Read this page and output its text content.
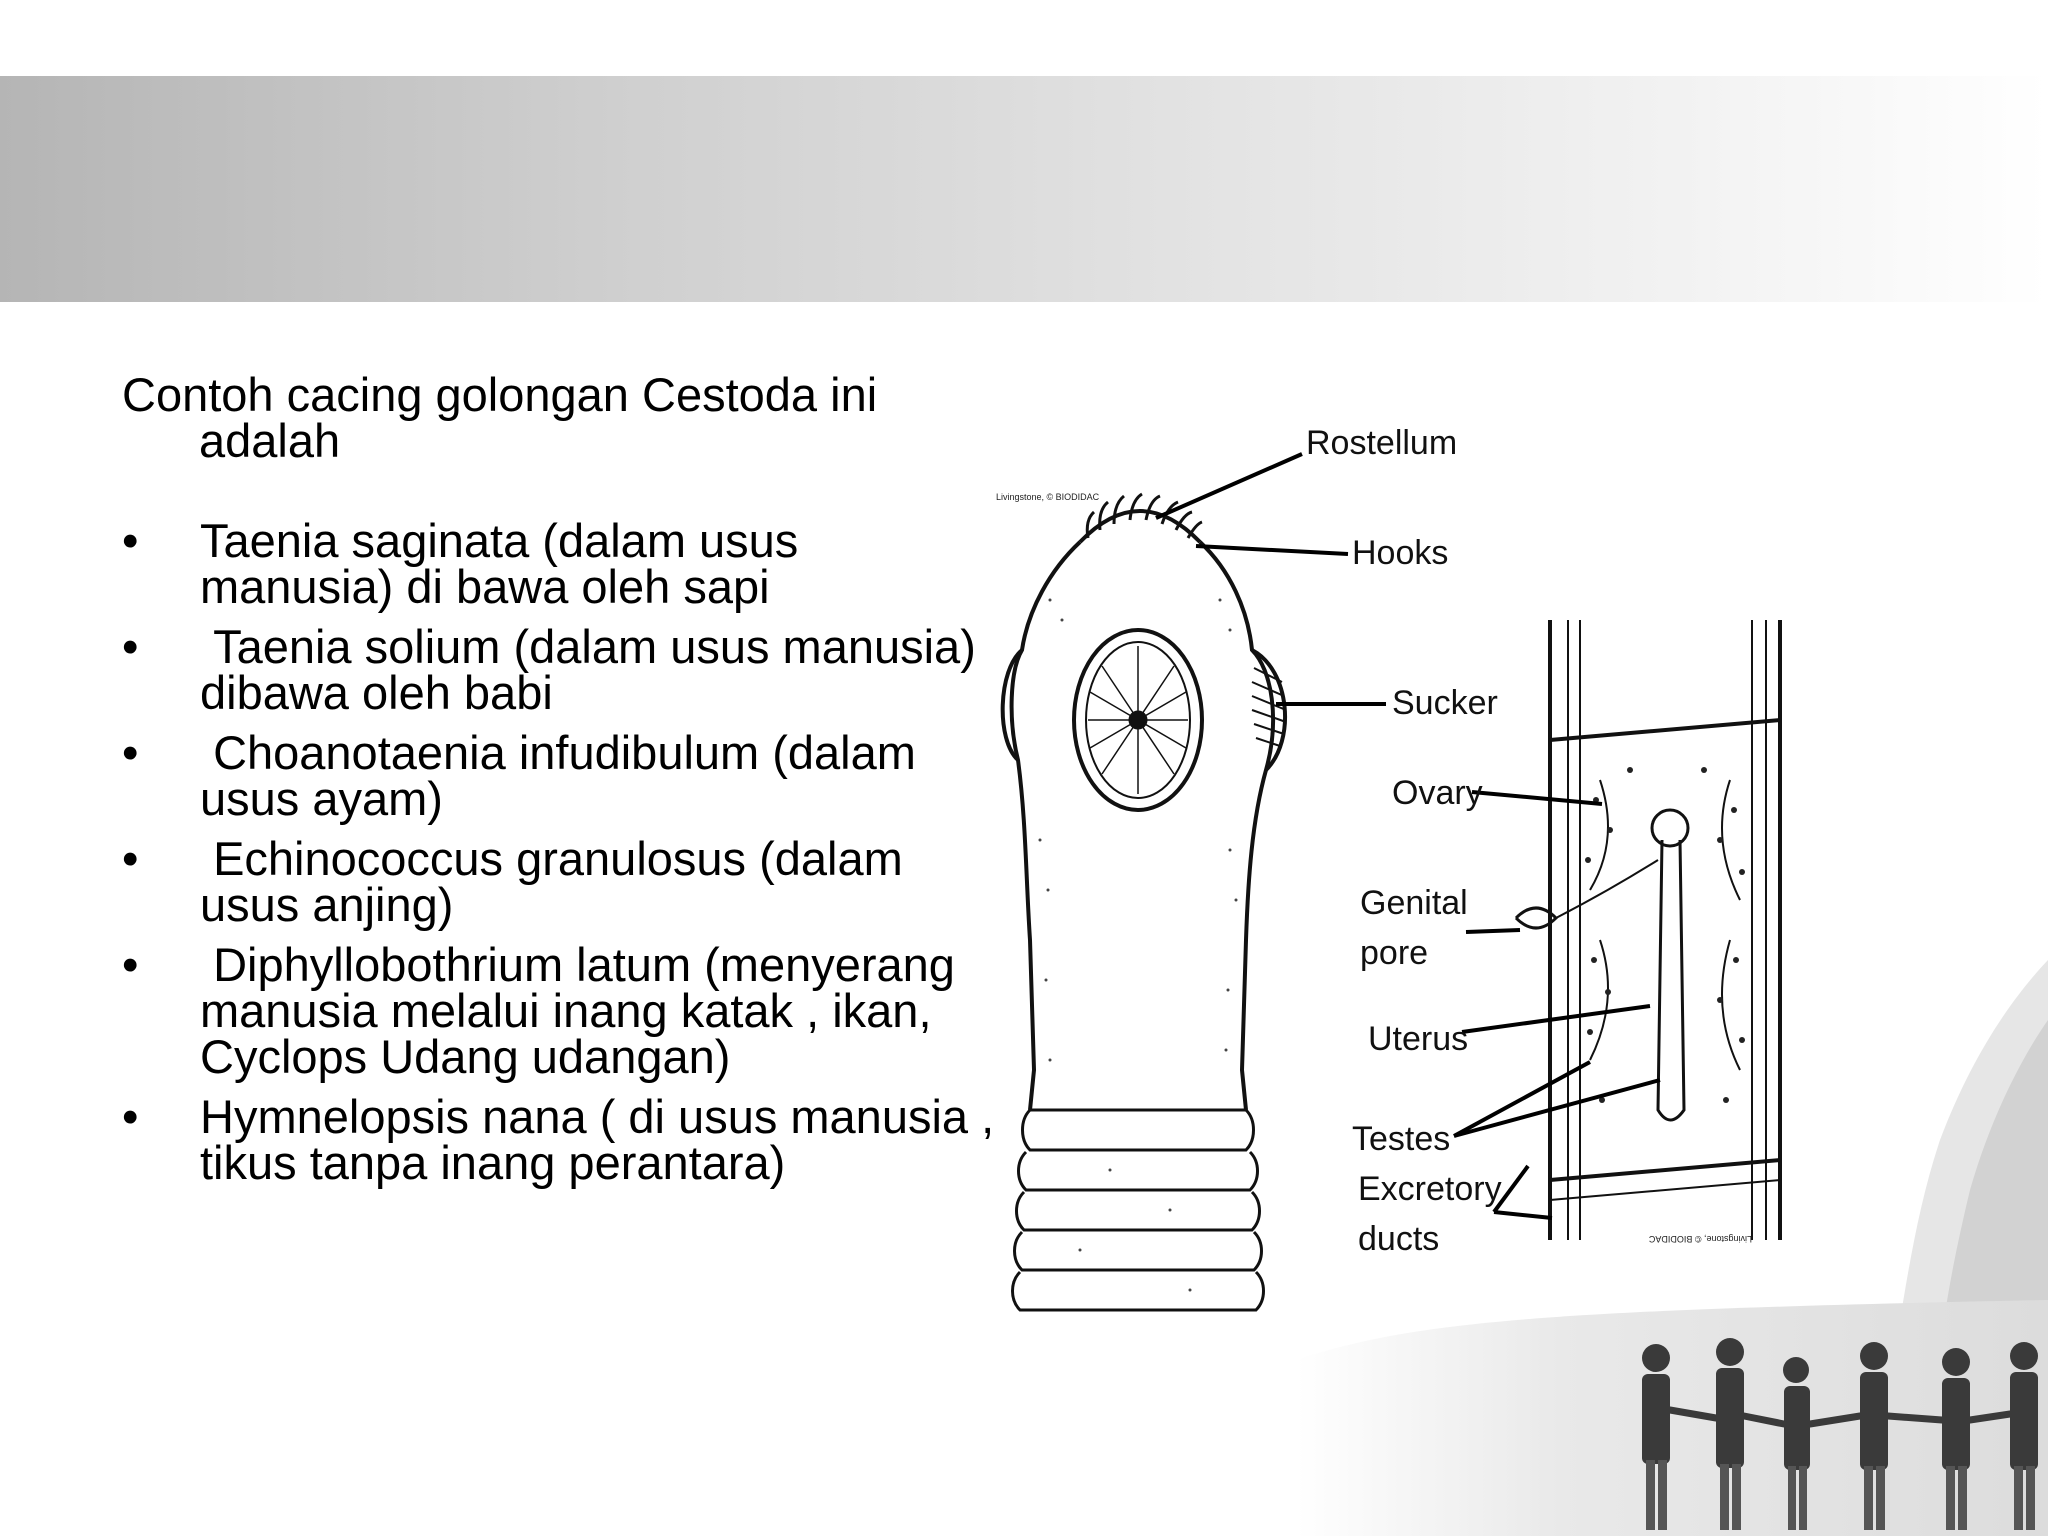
Contoh cacing golongan Cestoda ini adalah

• Taenia saginata (dalam usus manusia) di bawa oleh sapi
• Taenia solium (dalam usus manusia) dibawa oleh babi
• Choanotaenia infudibulum (dalam usus ayam)
• Echinococcus granulosus (dalam usus anjing)
• Diphyllobothrium latum (menyerang manusia melalui inang katak , ikan, Cyclops Udang udangan)
• Hymnelopsis nana ( di usus manusia , tikus tanpa inang perantara)
Livingstone, © BIODIDAC
Livingstone, © BIODIDAC
Rostellum
Hooks
Sucker
Ovary
Genital
pore
Uterus
Testes
Excretory
ducts
